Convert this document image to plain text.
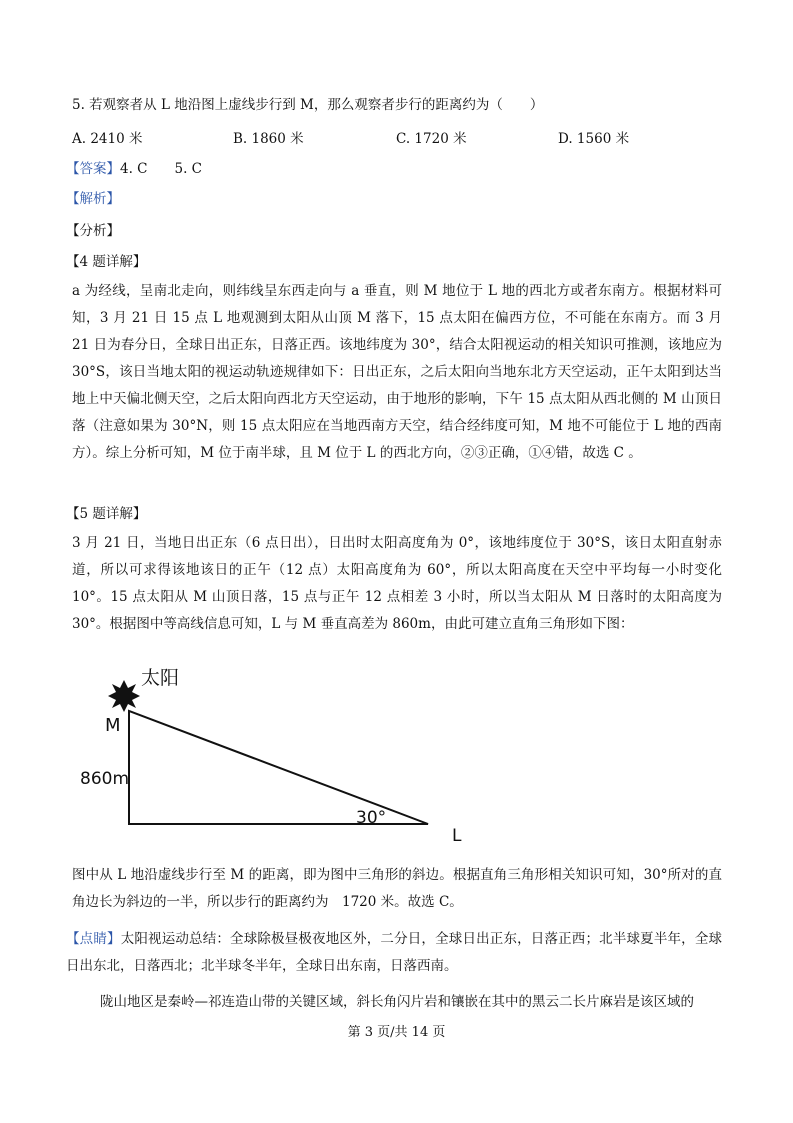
5. 若观察者从 L 地沿图上虚线步行到 M，那么观察者步行的距离约为（　　）
A. 2410 米	B. 1860 米	C. 1720 米	D. 1560 米
【答案】4. C　　5. C
【解析】
【分析】
【4 题详解】
a 为经线，呈南北走向，则纬线呈东西走向与 a 垂直，则 M 地位于 L 地的西北方或者东南方。根据材料可知，3 月 21 日 15 点 L 地观测到太阳从山顶 M 落下，15 点太阳在偏西方位，不可能在东南方。而 3 月 21 日为春分日，全球日出正东，日落正西。该地纬度为 30°，结合太阳视运动的相关知识可推测，该地应为 30°S，该日当地太阳的视运动轨迹规律如下：日出正东，之后太阳向当地东北方天空运动，正午太阳到达当地上中天偏北侧天空，之后太阳向西北方天空运动，由于地形的影响，下午 15 点太阳从西北侧的 M 山顶日落（注意如果为 30°N，则 15 点太阳应在当地西南方天空，结合经纬度可知，M 地不可能位于 L 地的西南方）。综上分析可知，M 位于南半球，且 M 位于 L 的西北方向，②③正确，①④错，故选 C 。
【5 题详解】
3 月 21 日，当地日出正东（6 点日出），日出时太阳高度角为 0°，该地纬度位于 30°S，该日太阳直射赤道，所以可求得该地该日的正午（12 点）太阳高度角为 60°，所以太阳高度在天空中平均每一小时变化 10°。15 点太阳从 M 山顶日落，15 点与正午 12 点相差 3 小时，所以当太阳从 M 日落时的太阳高度为 30°。根据图中等高线信息可知，L 与 M 垂直高差为 860m，由此可建立直角三角形如下图：
太阳
M
860m
30°
L
图中从 L 地沿虚线步行至 M 的距离，即为图中三角形的斜边。根据直角三角形相关知识可知，30°所对的直角边长为斜边的一半，所以步行的距离约为　1720 米。故选 C。
【点睛】太阳视运动总结：全球除极昼极夜地区外，二分日，全球日出正东，日落正西；北半球夏半年，全球日出东北，日落西北；北半球冬半年，全球日出东南，日落西南。
陇山地区是秦岭—祁连造山带的关键区域，斜长角闪片岩和镶嵌在其中的黑云二长片麻岩是该区域的
第 3 页/共 14 页
